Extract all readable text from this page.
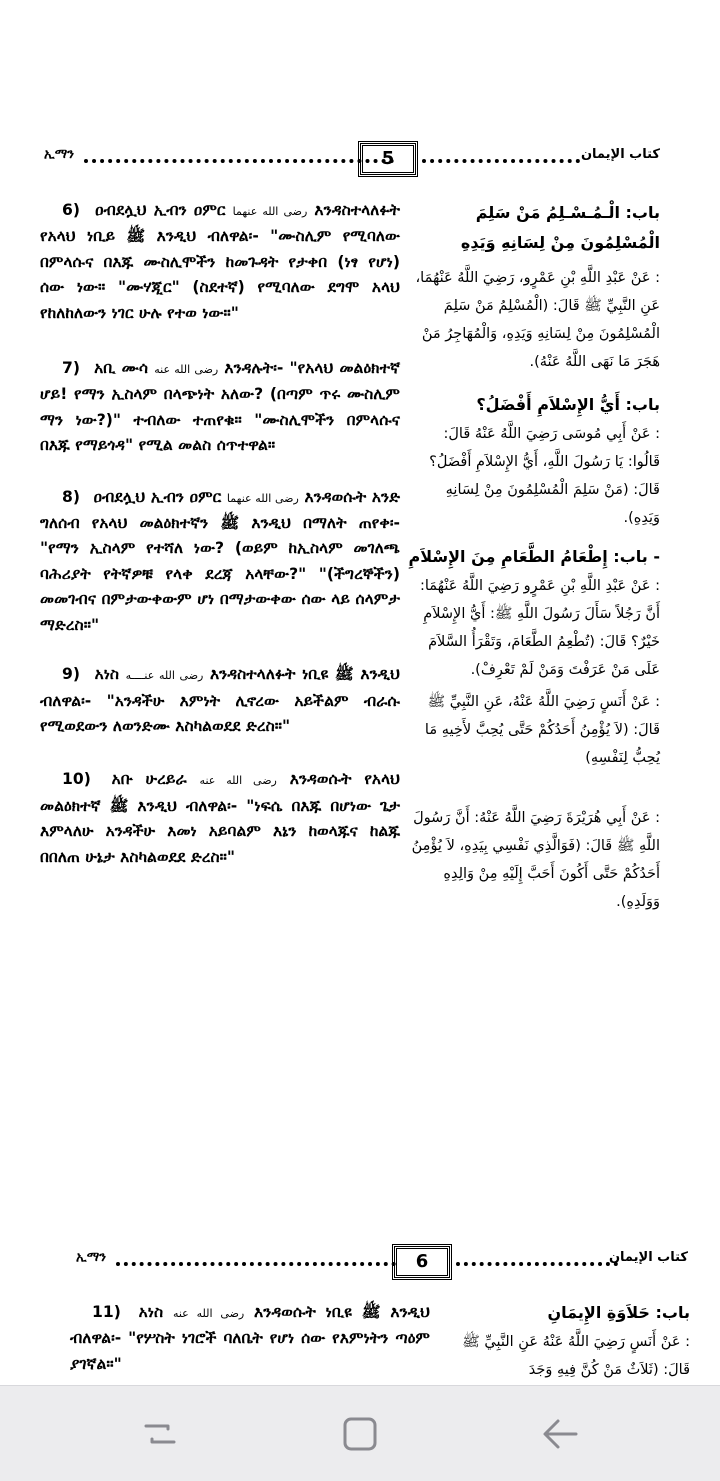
ኢማን	5	كتاب الإيمان

6) ዐብደሏህ ኢብን ዐምር رضى الله عنهما እንዳስተላለፉት የአላህ ነቢይ ﷺ እንዲህ ብለዋል፡- "ሙስሊም የሚባለው በምላሱና በእጁ ሙስሊሞችን ከመጉዳት የታቀበ (ነፃ የሆነ) ሰው ነው። "ሙሃጂር" (ስደተኛ) የሚባለው ደግሞ አላህ የከለከለውን ነገር ሁሉ የተወ ነው።"

7) አቢ ሙሳ رضى الله عنه እንዳሉት፡- "የአላህ መልዕክተኛ ሆይ! የማን ኢስላም በላጭነት አለው? (በጣም ጥሩ ሙስሊም ማን ነው?)" ተብለው ተጠየቁ። "ሙስሊሞችን በምላሱና በእጁ የማይጎዳ" የሚል መልስ ሰጥተዋል።

8) ዐብደሏህ ኢብን ዐምር رضى الله عنهما እንዳወሱት አንድ ግለሰብ የአላህ መልዕክተኛን ﷺ እንዲህ በማለት ጠየቀ፡- "የማን ኢስላም የተሻለ ነው? (ወይም ከኢስላም መገለጫ ባሕሪያት የትኛዎቹ የላቀ ደረጃ አላቸው?" "(ችግረኞችን) መመገብና በምታውቀውም ሆነ በማታውቀው ሰው ላይ ሰላምታ ማድረስ።"

9) አነስ رضى الله عنــــه እንዳስተላለፉት ነቢዩ ﷺ እንዲህ ብለዋል፡- "አንዳችሁ እምነት ሊኖረው አይችልም ብራሱ የሚወደውን ለወንድሙ እስካልወደደ ድረስ።"

10) አቡ ሁረይራ رضى الله عنه እንዳወሱት የአላህ መልዕክተኛ ﷺ እንዲህ ብለዋል፡- "ነፍሴ በእጁ በሆነው ጌታ እምላለሁ አንዳችሁ እመነ አይባልም እኔን ከወላጁና ከልጁ በበለጠ ሁኔታ እስካልወደደ ድረስ።"

باب: الْـمُـسْـلِمُ مَنْ سَلِمَ الْمُسْلِمُونَ مِنْ لِسَانِهِ وَيَدِهِ

: عَنْ عَبْدِ اللَّهِ بْنِ عَمْرٍو، رَضِيَ اللَّهُ عَنْهُمَا، عَنِ النَّبِيِّ ﷺ قَالَ: (الْمُسْلِمُ مَنْ سَلِمَ الْمُسْلِمُونَ مِنْ لِسَانِهِ وَيَدِهِ، وَالْمُهَاجِرُ مَنْ هَجَرَ مَا نَهَى اللَّهُ عَنْهُ).

باب: أَيُّ الإِسْلاَمِ أَفْضَلُ؟

: عَنْ أَبِي مُوسَى رَضِيَ اللَّهُ عَنْهُ قَالَ: قَالُوا: يَا رَسُولَ اللَّهِ، أَيُّ الإِسْلاَمِ أَفْضَلُ؟ قَالَ: (مَنْ سَلِمَ الْمُسْلِمُونَ مِنْ لِسَانِهِ وَيَدِهِ).

- باب: إِطْعَامُ الطَّعَامِ مِنَ الإِسْلاَمِ

: عَنْ عَبْدِ اللَّهِ بْنِ عَمْرٍو رَضِيَ اللَّهُ عَنْهُمَا: أَنَّ رَجُلاً سَأَلَ رَسُولَ اللَّهِ ﷺ: أَيُّ الإِسْلاَمِ خَيْرٌ؟ قَالَ: (تُطْعِمُ الطَّعَامَ، وَتَقْرَأُ السَّلاَمَ عَلَى مَنْ عَرَفْتَ وَمَنْ لَمْ تَعْرِفْ).

: عَنْ أَنَسٍ رَضِيَ اللَّهُ عَنْهُ، عَنِ النَّبِيِّ ﷺ قَالَ: (لاَ يُؤْمِنُ أَحَدُكُمْ حَتَّى يُحِبَّ لأَخِيهِ مَا يُحِبُّ لِنَفْسِهِ)

: عَنْ أَبِي هُرَيْرَةَ رَضِيَ اللَّهُ عَنْهُ: أَنَّ رَسُولَ اللَّهِ ﷺ قَالَ: (فَوَالَّذِي نَفْسِي بِيَدِهِ، لاَ يُؤْمِنُ أَحَدُكُمْ حَتَّى أَكُونَ أَحَبَّ إِلَيْهِ مِنْ وَالِدِهِ وَوَلَدِهِ).

ኢማን	6	كتاب الإيمان

11) አነስ رضى الله عنه እንዳወሱት ነቢዩ ﷺ እንዲህ ብለዋል፡- "የሦስት ነገሮች ባለቤት የሆነ ሰው የእምነትን ጣዕም ያገኛል።"

باب: حَلاَوَةِ الإِيمَانِ

: عَنْ أَنَسٍ رَضِيَ اللَّهُ عَنْهُ عَنِ النَّبِيِّ ﷺ قَالَ: (ثَلاَثٌ مَنْ كُنَّ فِيهِ وَجَدَ
